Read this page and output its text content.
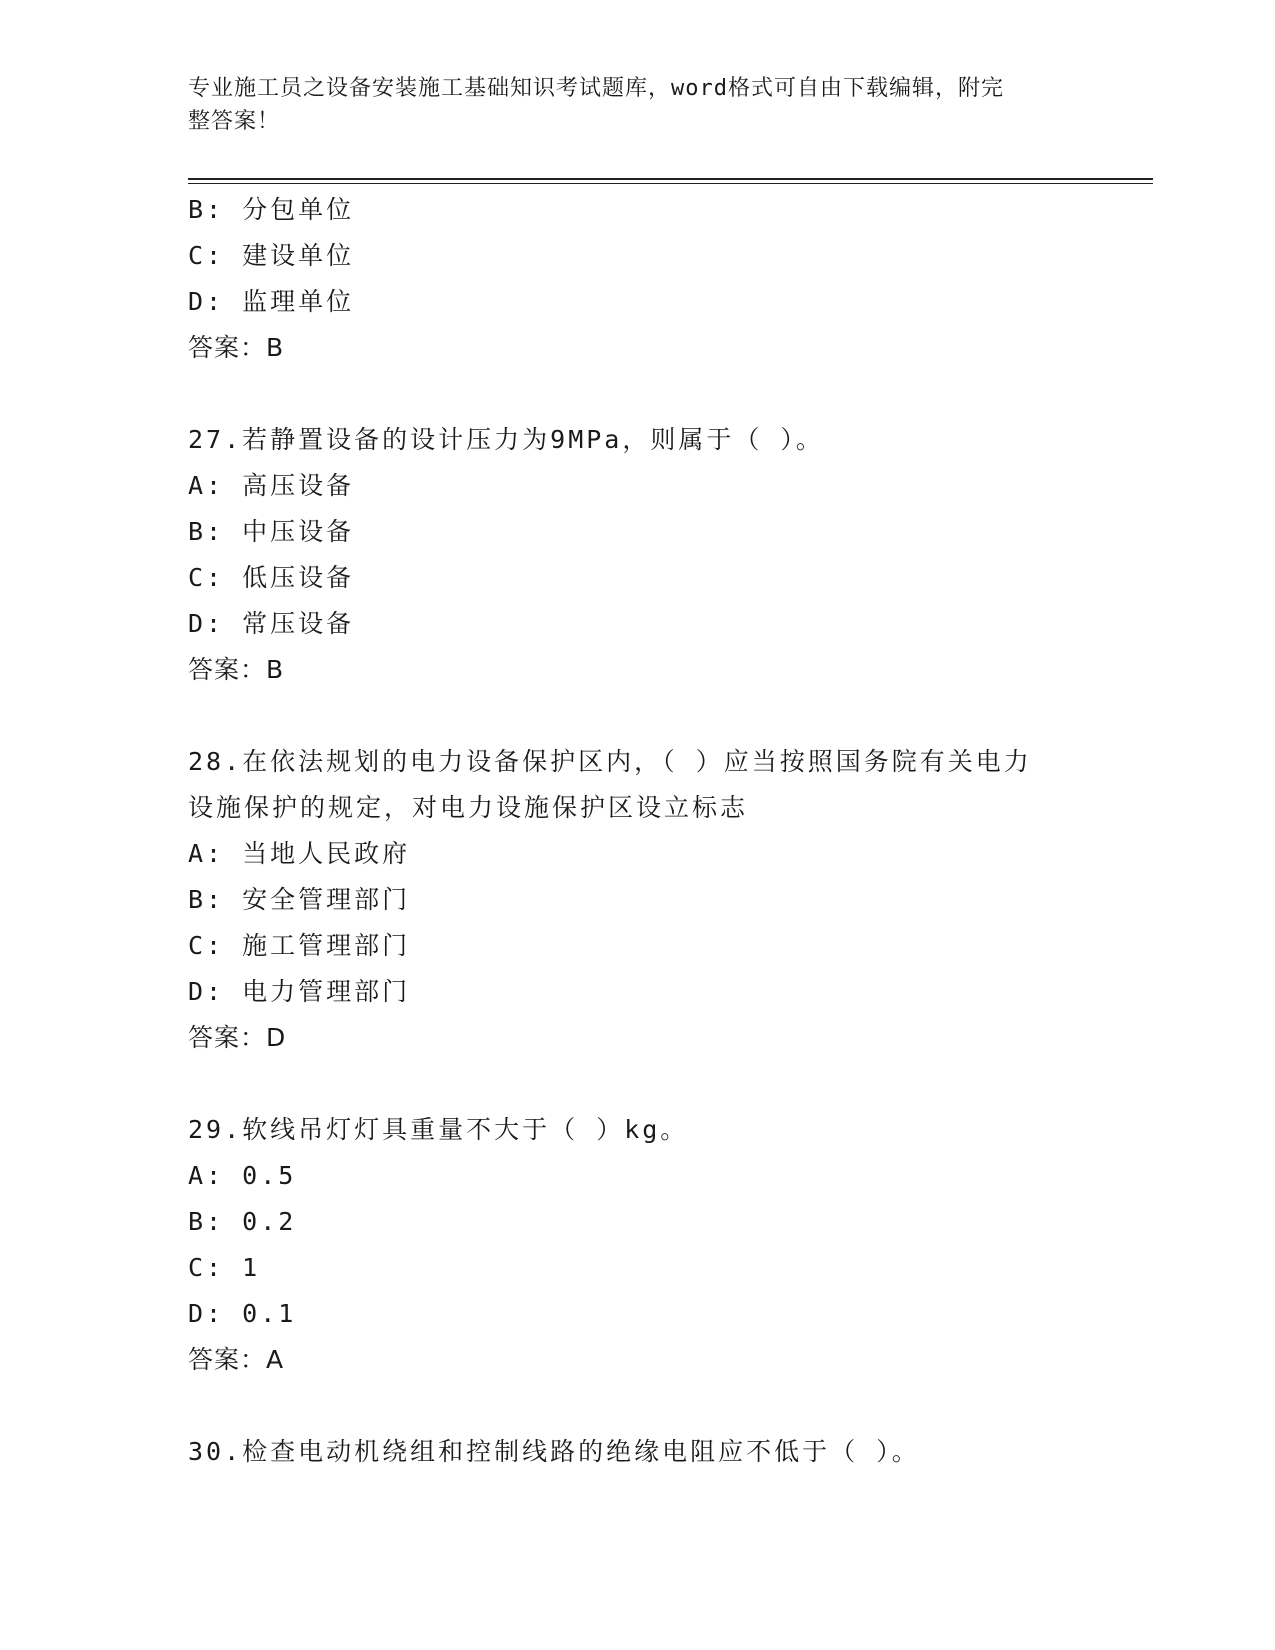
专业施工员之设备安装施工基础知识考试题库，word格式可自由下载编辑，附完
整答案！
B: 分包单位
C: 建设单位
D: 监理单位
答案：B
27.若静置设备的设计压力为9MPa，则属于（ ）。
A: 高压设备
B: 中压设备
C: 低压设备
D: 常压设备
答案：B
28.在依法规划的电力设备保护区内，（ ）应当按照国务院有关电力
设施保护的规定，对电力设施保护区设立标志
A: 当地人民政府
B: 安全管理部门
C: 施工管理部门
D: 电力管理部门
答案：D
29.软线吊灯灯具重量不大于（ ）kg。
A: 0.5
B: 0.2
C: 1
D: 0.1
答案：A
30.检查电动机绕组和控制线路的绝缘电阻应不低于（ ）。
